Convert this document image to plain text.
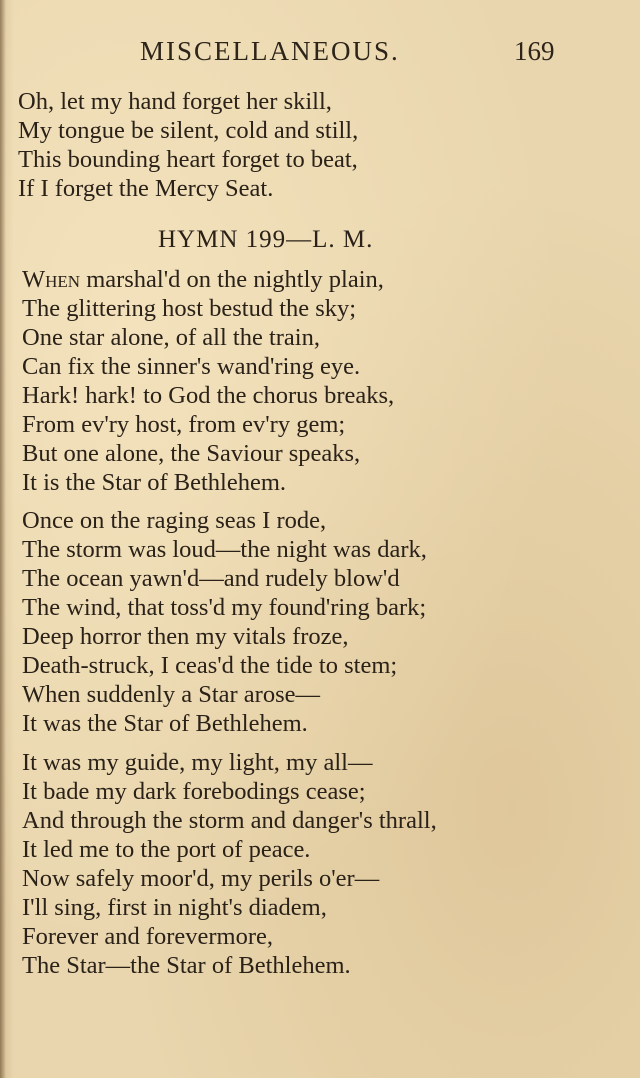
MISCELLANEOUS.	169
Oh, let my hand forget her skill,
My tongue be silent, cold and still,
This bounding heart forget to beat,
If I forget the Mercy Seat.
HYMN 199—L. M.
When marshal'd on the nightly plain,
The glittering host bestud the sky;
One star alone, of all the train,
Can fix the sinner's wand'ring eye.
Hark! hark! to God the chorus breaks,
From ev'ry host, from ev'ry gem;
But one alone, the Saviour speaks,
It is the Star of Bethlehem.
Once on the raging seas I rode,
The storm was loud—the night was dark,
The ocean yawn'd—and rudely blow'd
The wind, that toss'd my found'ring bark;
Deep horror then my vitals froze,
Death-struck, I ceas'd the tide to stem;
When suddenly a Star arose—
It was the Star of Bethlehem.
It was my guide, my light, my all—
It bade my dark forebodings cease;
And through the storm and danger's thrall,
It led me to the port of peace.
Now safely moor'd, my perils o'er—
I'll sing, first in night's diadem,
Forever and forevermore,
The Star—the Star of Bethlehem.
